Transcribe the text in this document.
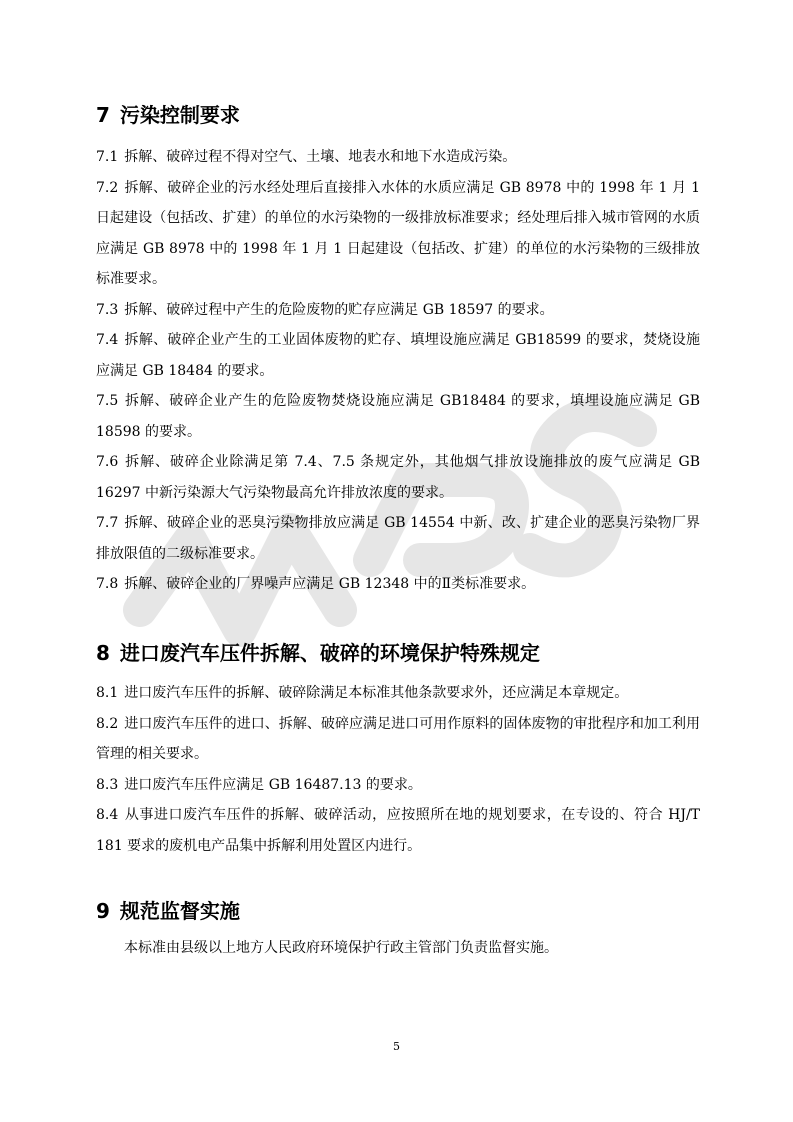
7 污染控制要求

7.1 拆解、破碎过程不得对空气、土壤、地表水和地下水造成污染。

7.2 拆解、破碎企业的污水经处理后直接排入水体的水质应满足 GB 8978 中的 1998 年 1 月 1 日起建设（包括改、扩建）的单位的水污染物的一级排放标准要求；经处理后排入城市管网的水质应满足 GB 8978 中的 1998 年 1 月 1 日起建设（包括改、扩建）的单位的水污染物的三级排放标准要求。

7.3 拆解、破碎过程中产生的危险废物的贮存应满足 GB 18597 的要求。

7.4 拆解、破碎企业产生的工业固体废物的贮存、填埋设施应满足 GB18599 的要求，焚烧设施应满足 GB 18484 的要求。

7.5 拆解、破碎企业产生的危险废物焚烧设施应满足 GB18484 的要求，填埋设施应满足 GB 18598 的要求。

7.6 拆解、破碎企业除满足第 7.4、7.5 条规定外，其他烟气排放设施排放的废气应满足 GB 16297 中新污染源大气污染物最高允许排放浓度的要求。

7.7 拆解、破碎企业的恶臭污染物排放应满足 GB 14554 中新、改、扩建企业的恶臭污染物厂界排放限值的二级标准要求。

7.8 拆解、破碎企业的厂界噪声应满足 GB 12348 中的Ⅱ类标准要求。

8 进口废汽车压件拆解、破碎的环境保护特殊规定

8.1 进口废汽车压件的拆解、破碎除满足本标准其他条款要求外，还应满足本章规定。

8.2 进口废汽车压件的进口、拆解、破碎应满足进口可用作原料的固体废物的审批程序和加工利用管理的相关要求。

8.3 进口废汽车压件应满足 GB 16487.13 的要求。

8.4 从事进口废汽车压件的拆解、破碎活动，应按照所在地的规划要求，在专设的、符合 HJ/T 181 要求的废机电产品集中拆解利用处置区内进行。

9 规范监督实施

本标准由县级以上地方人民政府环境保护行政主管部门负责监督实施。

5
